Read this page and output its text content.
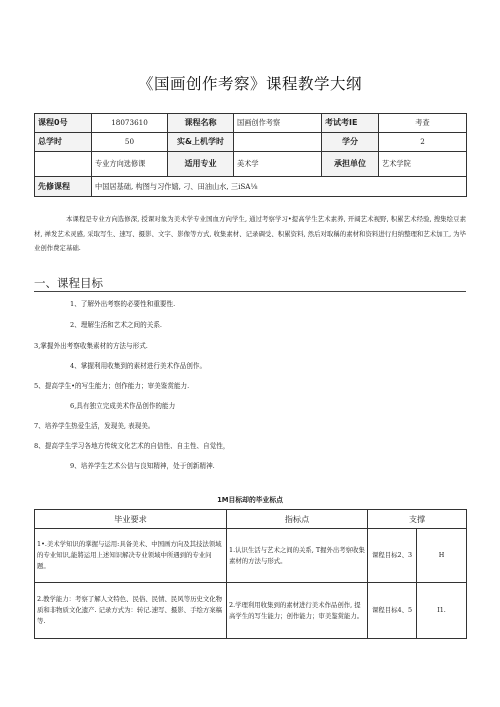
《国画创作考察》课程教学大纲
课程0号	18073610	课程名称	国画创作考察	考试考IE	考查
总学时	50	实&上机学时		学分	2
	专业方向选修课	适用专业	美术学	承担单位	艺术学院
先修课程	中国居基础, 构图与习作嬉, 刁、田油山水, 三iSA⅛				
本课程是专业方向选修深, 授课对象为美术学专业国血方向学生, 通过考察学习•提高学生艺术素养, 开阔艺术视野, 积累艺术经验, 搜集绘豆素材, 禅发艺术灵感, 采取写生、速写、摄影、文字、影像等方式, 收集素材、记录碉受、积累资料, 然后对取稱的素材和资料进行归纳整理和艺术加工, 为毕业创作费定基础.
一、课程目标
1、了解外出考察的必要性和重要性.
2、理解生活和艺术之间的关系.
3,掌握外出考察收集素材的方法与形式.
4、掌握利用收集到的素材进行美术作品创作。
5、提高学生•的写生能力；创作能力；审美鉴赏能力.
6,具有独立完成美术作品创作的能力
7、培养学生热爱生活，发现美, 表现美。
8、提高学生学习各地方传统文化艺术的自信性、自主性、自觉性，
9、培养学生艺术公信与良知精神，处于创新精神.
1M目标却的毕业标点
毕业要求	指标点	支撑	
1•.美术学知识的掌握与运用:具备美术、中国画方向及其技法领域的专业知识,能將运用上述知识解决专业领域中所遇到的专业问题。	1.认识生活与艺术之间的关系, T握外出考察收集素材的方法与形式。	课程目标2、3	H
2.教学能力：考察了解人文特色、民俗、民情、民风等历史文化物质和非物质文化遗产. 记录方式为：转记.速写、摄影、手绘方案稿等.	2.学理利用收集到的素材进行美术作品创作, 提高学生的写生能力；创作能力；审美鉴赏能力。	课程目标4、5	I1.
